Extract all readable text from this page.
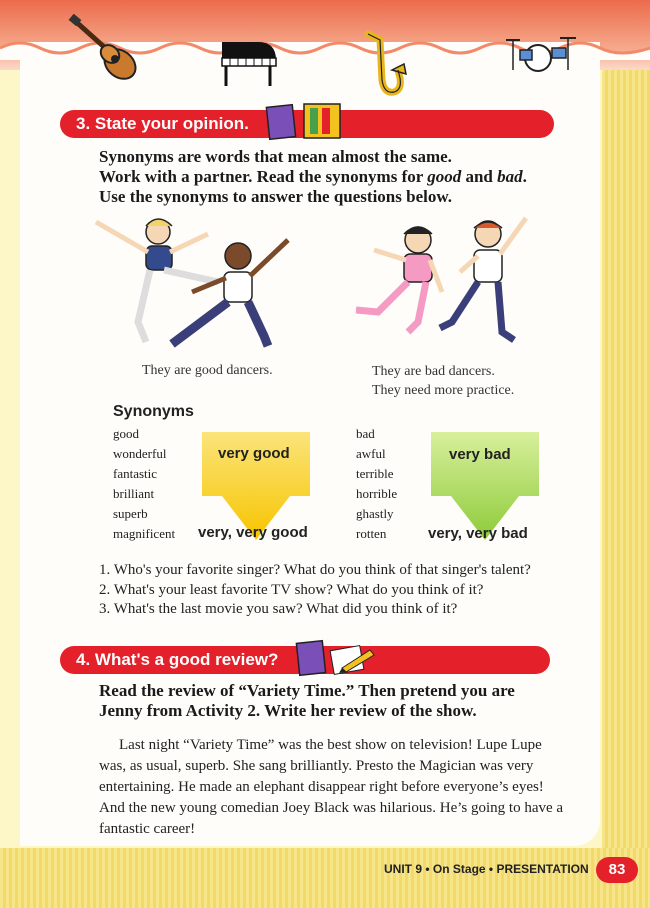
3. State your opinion.
Synonyms are words that mean almost the same.
Work with a partner. Read the synonyms for good and bad.
Use the synonyms to answer the questions below.
They are good dancers.	They are bad dancers.
They need more practice.
Synonyms
good
wonderful
fantastic
brilliant
superb
magnificent
bad
awful
terrible
horrible
ghastly
rotten
very good
very, very good
very bad
very, very bad
1. Who's your favorite singer? What do you think of that singer's talent?
2. What's your least favorite TV show? What do you think of it?
3. What's the last movie you saw? What did you think of it?
4. What's a good review?
Read the review of “Variety Time.” Then pretend you are
Jenny from Activity 2. Write her review of the show.
Last night “Variety Time” was the best show on television! Lupe Lupe was, as usual, superb. She sang brilliantly. Presto the Magician was very entertaining. He made an elephant disappear right before everyone’s eyes! And the new young comedian Joey Black was hilarious. He’s going to have a fantastic career!
UNIT 9 • On Stage • PRESENTATION	83
